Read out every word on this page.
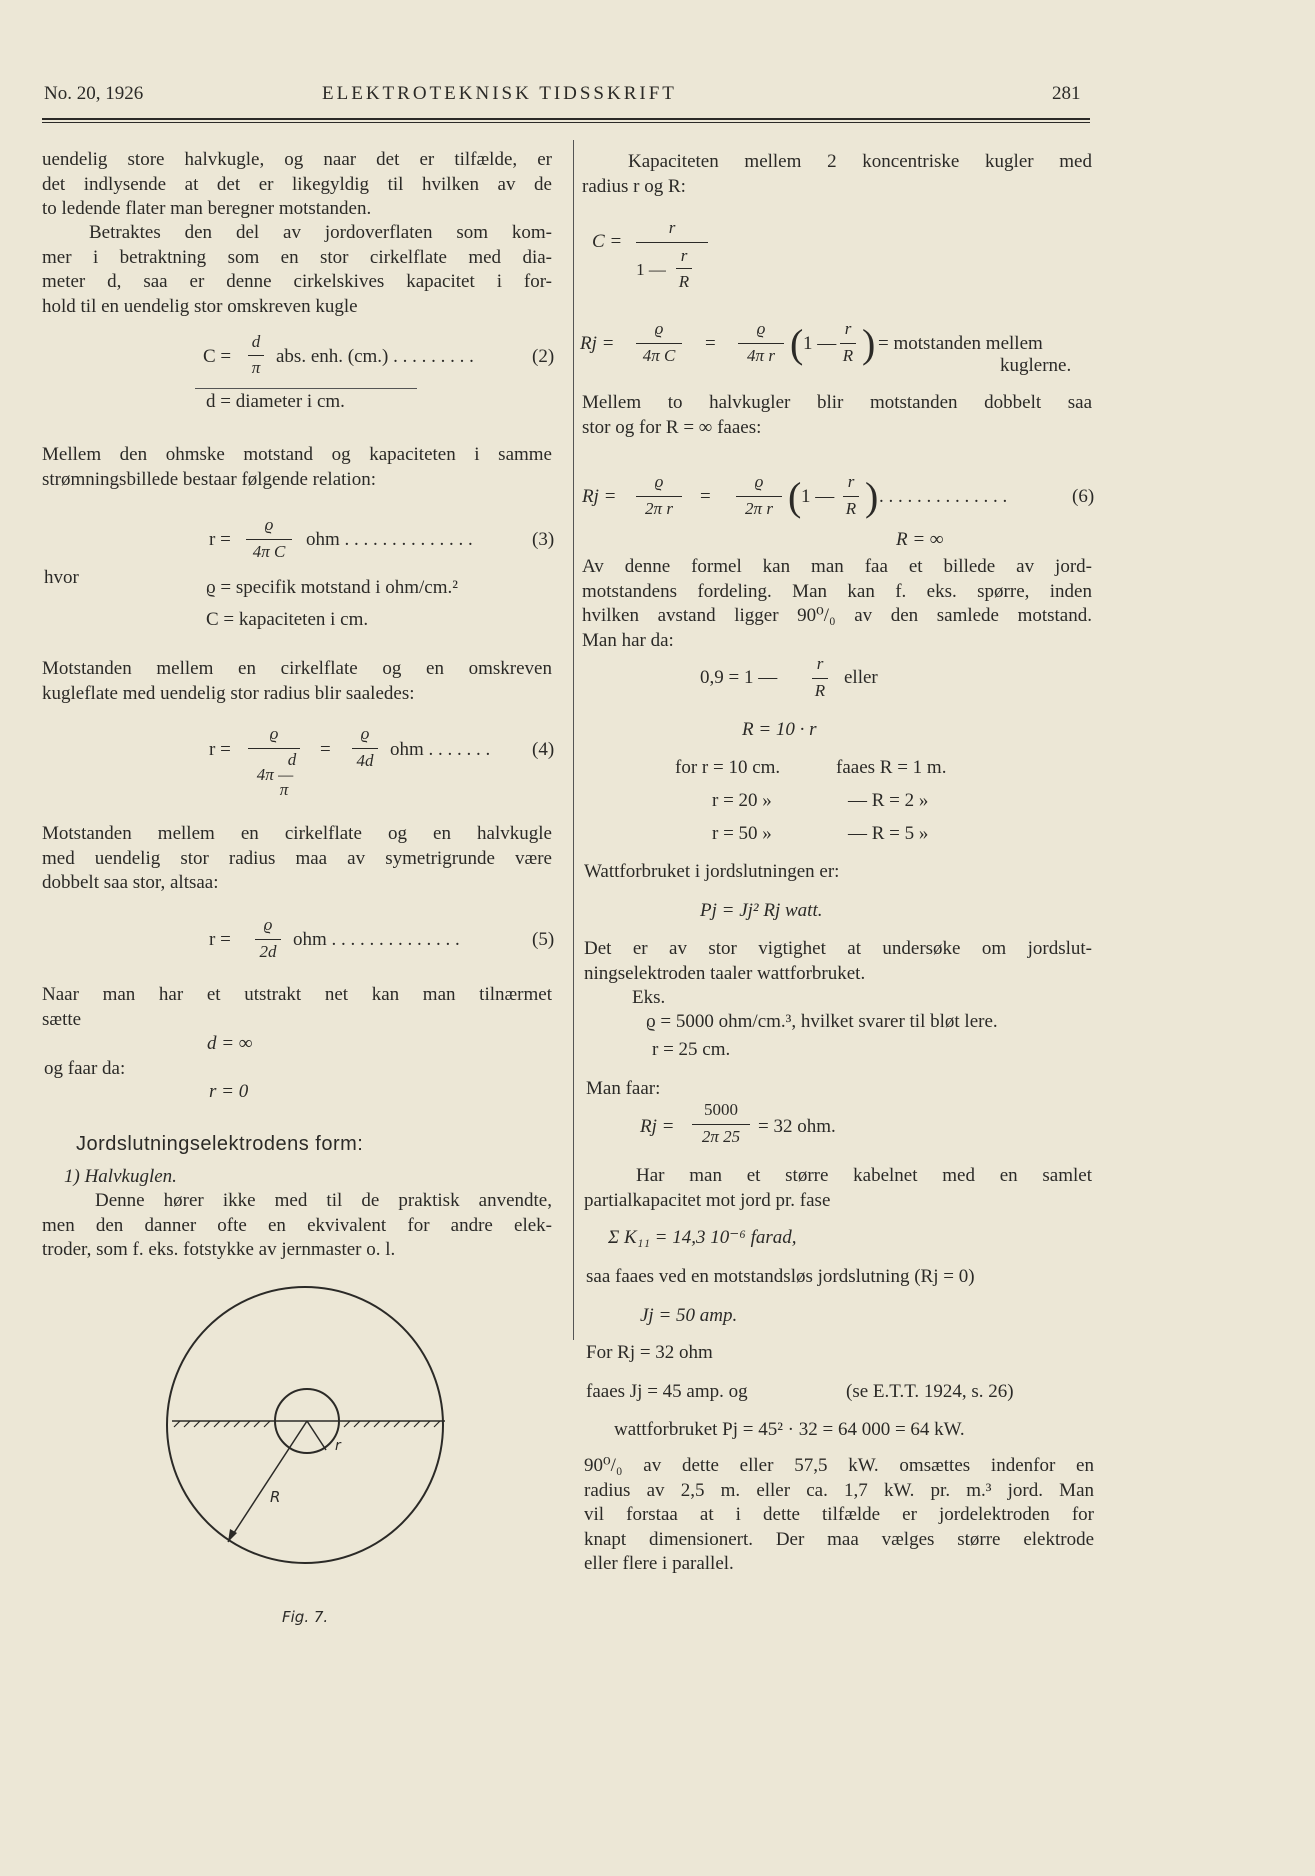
No. 20, 1926	ELEKTROTEKNISK TIDSSKRIFT	281
uendelig store halvkugle, og naar det er tilfælde, er
det indlysende at det er likegyldig til hvilken av de
to ledende flater man beregner motstanden.
Betraktes den del av jordoverflaten som kom-
mer i betraktning som en stor cirkelflate med dia-
meter d, saa er denne cirkelskives kapacitet i for-
hold til en uendelig stor omskreven kugle
C =
d
π
abs. enh. (cm.) . . . . . . . . .	(2)
d = diameter i cm.
Mellem den ohmske motstand og kapaciteten i samme
strømningsbillede bestaar følgende relation:
r =
ϱ
4π C
ohm . . . . . . . . . . . . . .	(3)
hvor	ϱ = specifik motstand i ohm/cm.²
C = kapaciteten i cm.
Motstanden mellem en cirkelflate og en omskreven
kugleflate med uendelig stor radius blir saaledes:
r =
ϱ
d
4π —
π
=
ϱ
4d
ohm . . . . . . . (4)
Motstanden mellem en cirkelflate og en halvkugle
med uendelig stor radius maa av symetrigrunde være
dobbelt saa stor, altsaa:
r =
ϱ
2d
ohm . . . . . . . . . . . . . .	(5)
Naar man har et utstrakt net kan man tilnærmet
sætte
d = ∞
og faar da:
r = 0
Jordslutningselektrodens form:
1) Halvkuglen.
Denne hører ikke med til de praktisk anvendte,
men den danner ofte en ekvivalent for andre elek-
troder, som f. eks. fotstykke av jernmaster o. l.
r
R
Fig. 7.
Kapaciteten mellem 2 koncentriske kugler med
radius r og R:
C =
r
1 —
r
R
Rj =
ϱ
4π C
=
ϱ
4π r ( 1 —
r
R ) = motstanden mellem
kuglerne.
Mellem to halvkugler blir motstanden dobbelt saa
stor og for R = ∞ faaes:
Rj =
ϱ
2π r
=
ϱ
2π r ( 1 —
r
R ) . . . . . . . . . . . . . .	(6)
R = ∞
Av denne formel kan man faa et billede av jord-
motstandens fordeling. Man kan f. eks. spørre, inden
hvilken avstand ligger 90⁰/₀ av den samlede motstand.
Man har da:
0,9 = 1 —
r
R
eller
R = 10 · r
for r = 10 cm.	faaes R = 1 m.
r = 20 »	— R = 2 »
r = 50 »	— R = 5 »
Wattforbruket i jordslutningen er:
Pj = Jj² Rj watt.
Det er av stor vigtighet at undersøke om jordslut-
ningselektroden taaler wattforbruket.
Eks.
ϱ = 5000 ohm/cm.³, hvilket svarer til bløt lere.
r = 25 cm.
Man faar:
Rj =
5000
2π 25 = 32 ohm.
Har man et større kabelnet med en samlet
partialkapacitet mot jord pr. fase
Σ K₁₁ = 14,3 10⁻⁶ farad,
saa faaes ved en motstandsløs jordslutning (Rj = 0)
Jj = 50 amp.
For Rj = 32 ohm
faaes Jj = 45 amp. og	(se E.T.T. 1924, s. 26)
wattforbruket Pj = 45² · 32 = 64 000 = 64 kW.
90⁰/₀ av dette eller 57,5 kW. omsættes indenfor en
radius av 2,5 m. eller ca. 1,7 kW. pr. m.³ jord. Man
vil forstaa at i dette tilfælde er jordelektroden for
knapt dimensionert. Der maa vælges større elektrode
eller flere i parallel.
